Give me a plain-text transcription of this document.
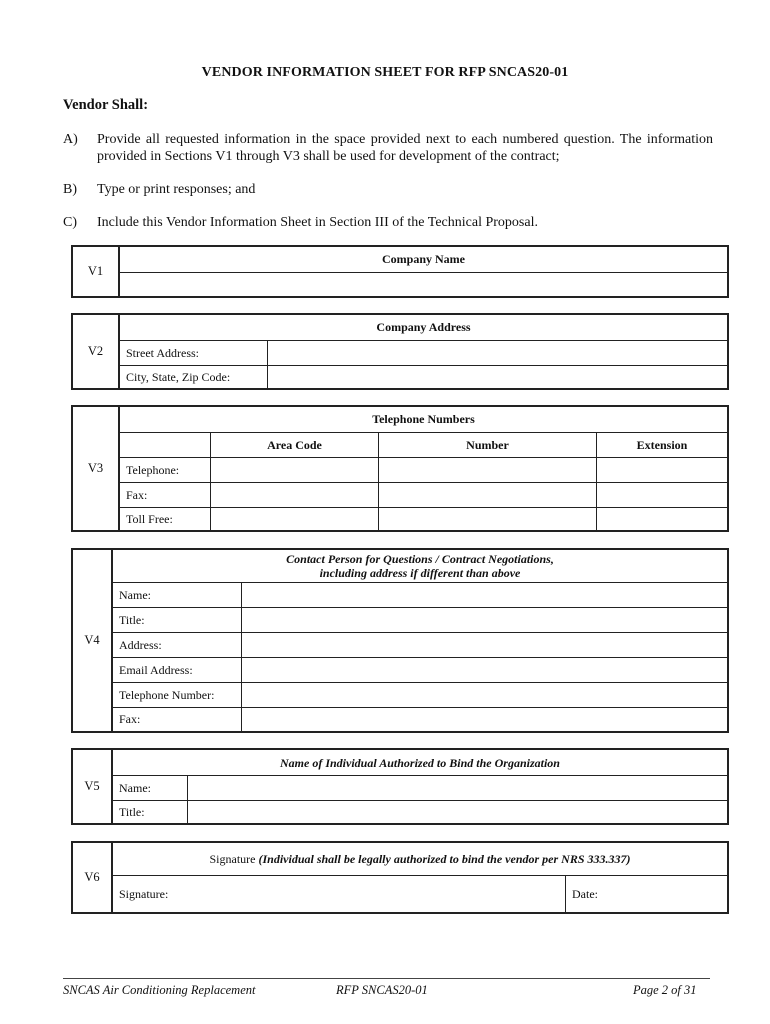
VENDOR INFORMATION SHEET FOR RFP SNCAS20-01
Vendor Shall:
A) Provide all requested information in the space provided next to each numbered question. The information provided in Sections V1 through V3 shall be used for development of the contract;
B) Type or print responses; and
C) Include this Vendor Information Sheet in Section III of the Technical Proposal.
V1
Company Name
V2
Company Address
Street Address:
City, State, Zip Code:
V3
Telephone Numbers
Area Code	Number	Extension
Telephone:
Fax:
Toll Free:
V4
Contact Person for Questions / Contract Negotiations,
including address if different than above
Name:
Title:
Address:
Email Address:
Telephone Number:
Fax:
V5
Name of Individual Authorized to Bind the Organization
Name:
Title:
V6
Signature (Individual shall be legally authorized to bind the vendor per NRS 333.337)
Signature:	Date:
SNCAS Air Conditioning Replacement	RFP SNCAS20-01	Page 2 of 31
